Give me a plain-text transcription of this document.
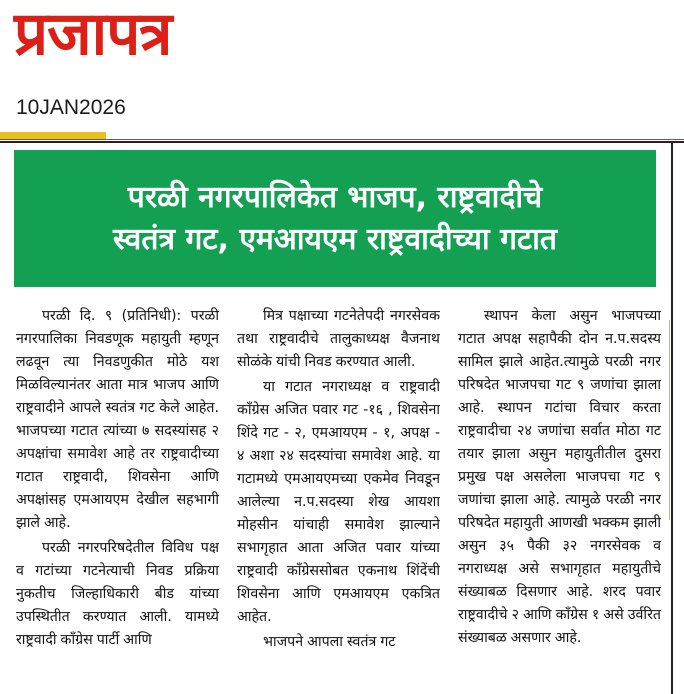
प्रजापत्र
10JAN2026
परळी नगरपालिकेत भाजप, राष्ट्रवादीचे
स्वतंत्र गट, एमआयएम राष्ट्रवादीच्या गटात

परळी दि. ९ (प्रतिनिधी): परळी नगरपालिका निवडणूक महायुती म्हणून लढवून त्या निवडणुकीत मोठे यश मिळविल्यानंतर आता मात्र भाजप आणि राष्ट्रवादीने आपले स्वतंत्र गट केले आहेत. भाजपच्या गटात त्यांच्या ७ सदस्यांसह २ अपक्षांचा समावेश आहे तर राष्ट्रवादीच्या गटात राष्ट्रवादी, शिवसेना आणि अपक्षांसह एमआयएम देखील सहभागी झाले आहे.

परळी नगरपरिषदेतील विविध पक्ष व गटांच्या गटनेत्याची निवड प्रक्रिया नुकतीच जिल्हाधिकारी बीड यांच्या उपस्थितीत करण्यात आली. यामध्ये राष्ट्रवादी काँग्रेस पार्टी आणि

मित्र पक्षाच्या गटनेतेपदी नगरसेवक तथा राष्ट्रवादीचे तालुकाध्यक्ष वैजनाथ सोळंके यांची निवड करण्यात आली.

या गटात नगराध्यक्ष व राष्ट्रवादी काँग्रेस अजित पवार गट -१६ , शिवसेना शिंदे गट - २, एमआयएम - १, अपक्ष - ४ अशा २४ सदस्यांचा समावेश आहे. या गटामध्ये एमआयएमच्या एकमेव निवडून आलेल्या न.प.सदस्या शेख आयशा मोहसीन यांचाही समावेश झाल्याने सभागृहात आता अजित पवार यांच्या राष्ट्रवादी काँग्रेससोबत एकनाथ शिंदेंची शिवसेना आणि एमआयएम एकत्रित आहेत.

भाजपने आपला स्वतंत्र गट

स्थापन केला असुन भाजपच्या गटात अपक्ष सहापैकी दोन न.प.सदस्य सामिल झाले आहेत.त्यामुळे परळी नगर परिषदेत भाजपचा गट ९ जणांचा झाला आहे. स्थापन गटांचा विचार करता राष्ट्रवादीचा २४ जणांचा सर्वात मोठा गट तयार झाला असुन महायुतीतील दुसरा प्रमुख पक्ष असलेला भाजपचा गट ९ जणांचा झाला आहे. त्यामुळे परळी नगर परिषदेत महायुती आणखी भक्कम झाली असुन ३५ पैकी ३२ नगरसेवक व नगराध्यक्ष असे सभागृहात महायुतीचे संख्याबळ दिसणार आहे. शरद पवार राष्ट्रवादीचे २ आणि काँग्रेस १ असे उर्वरित संख्याबळ असणार आहे.
